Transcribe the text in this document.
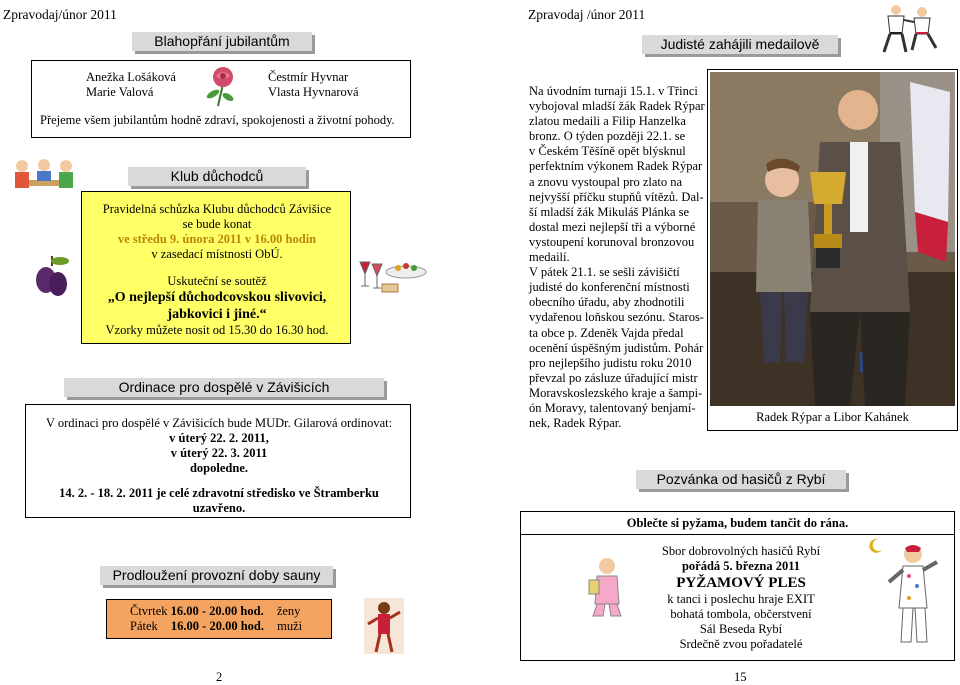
Zpravodaj/únor 2011
Blahopřání jubilantům
Anežka Lošáková
Marie Valová
Čestmír Hyvnar
Vlasta Hyvnarová
Přejeme všem jubilantům hodně zdraví, spokojenosti a životní pohody.
Klub důchodců
Pravidelná schůzka Klubu důchodců Závišice
se bude konat
ve středu 9. února 2011 v 16.00 hodin
v zasedací místnosti ObÚ.
Uskuteční se soutěž
„O nejlepší důchodcovskou slivovici,
jabkovici i jiné.“
Vzorky můžete nosit od 15.30 do 16.30 hod.
Ordinace pro dospělé v Závišicích
V ordinaci pro dospělé v Závišicích bude MUDr. Gilarová ordinovat:
v úterý 22. 2. 2011,
v úterý 22. 3. 2011
dopoledne.
14. 2. - 18. 2. 2011 je celé zdravotní středisko ve Štramberku
uzavřeno.
Prodloužení provozní doby sauny
Čtvrtek 16.00 - 20.00 hod. ženy
Pátek 16.00 - 20.00 hod. muži
2
Zpravodaj /únor 2011
Judisté zahájili medailově
Na úvodním turnaji 15.1. v Třinci
vybojoval mladší žák Radek Rýpar
zlatou medaili a Filip Hanzelka
bronz. O týden později 22.1. se
v Českém Těšíně opět blýsknul
perfektním výkonem Radek Rýpar
a znovu vystoupal pro zlato na
nejvyšší příčku stupňů vítězů. Dal-
ší mladší žák Mikuláš Plánka se
dostal mezi nejlepší tři a výborné
vystoupení korunoval bronzovou
medailí.
V pátek 21.1. se sešli závišičtí
judisté do konferenční místnosti
obecního úřadu, aby zhodnotili
vydařenou loňskou sezónu. Staros-
ta obce p. Zdeněk Vajda předal
ocenění úspěšným judistům. Pohár
pro nejlepšího judistu roku 2010
převzal po zásluze úřadující mistr
Moravskoslezského kraje a šampi-
ón Moravy, talentovaný benjamí-
nek, Radek Rýpar.	Radek Rýpar a Libor Kahánek
Pozvánka od hasičů z Rybí
Oblečte si pyžama, budem tančit do rána.
Sbor dobrovolných hasičů Rybí
pořádá 5. března 2011
PYŽAMOVÝ PLES
k tanci i poslechu hraje EXIT
bohatá tombola, občerstvení
Sál Beseda Rybí
Srdečně zvou pořadatelé
15
